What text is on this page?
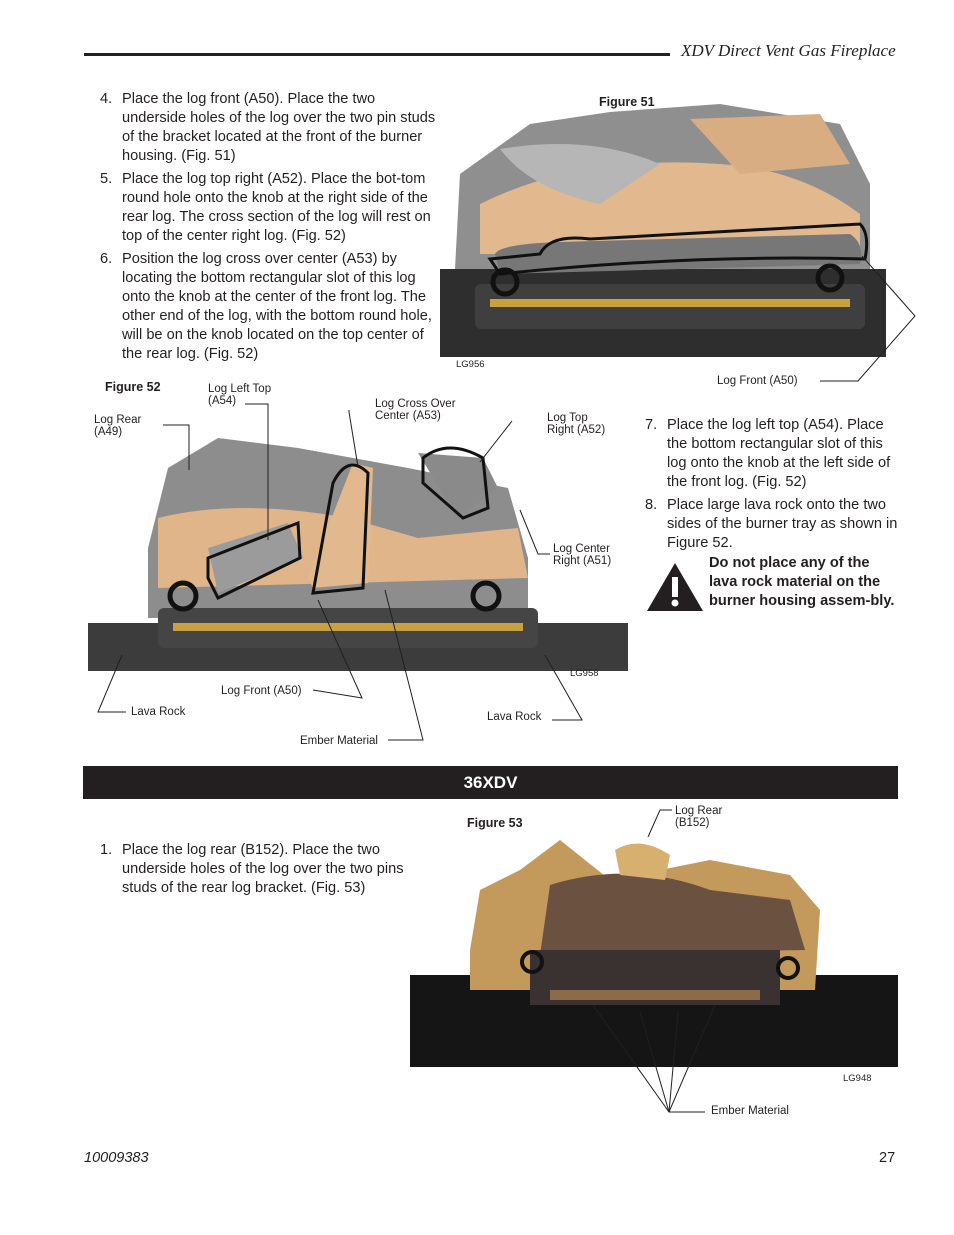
XDV Direct Vent Gas Fireplace
4. Place the log front (A50). Place the two underside holes of the log over the two pin studs of the bracket located at the front of the burner housing. (Fig. 51)
5. Place the log top right (A52). Place the bot-tom round hole onto the knob at the right side of the rear log. The cross section of the log will rest on top of the center right log. (Fig. 52)
6. Position the log cross over center (A53) by locating the bottom rectangular slot of this log onto the knob at the center of the front log. The other end of the log, with the bottom round hole, will be on the knob located on the top center of the rear log. (Fig. 52)
Figure 51
LG956
Log Front (A50)
Figure 52
Log Rear
(A49)
Log Left Top
(A54)	Log Cross Over
Center (A53)	Log Top
Right (A52)
Log Center
Right (A51)
LG958
Lava Rock
Log Front (A50)
Lava Rock
Ember Material
7. Place the log left top (A54). Place the bottom rectangular slot of this log onto the knob at the left side of the front log. (Fig. 52)
8. Place large lava rock onto the two sides of the burner tray as shown in Figure 52.
Do not place any of the lava rock material on the burner housing assem-bly.
36XDV
1. Place the log rear (B152). Place the two underside holes of the log over the two pins studs of the rear log bracket. (Fig. 53)
Figure 53
Log Rear
(B152)
LG948
Ember Material
10009383	27
